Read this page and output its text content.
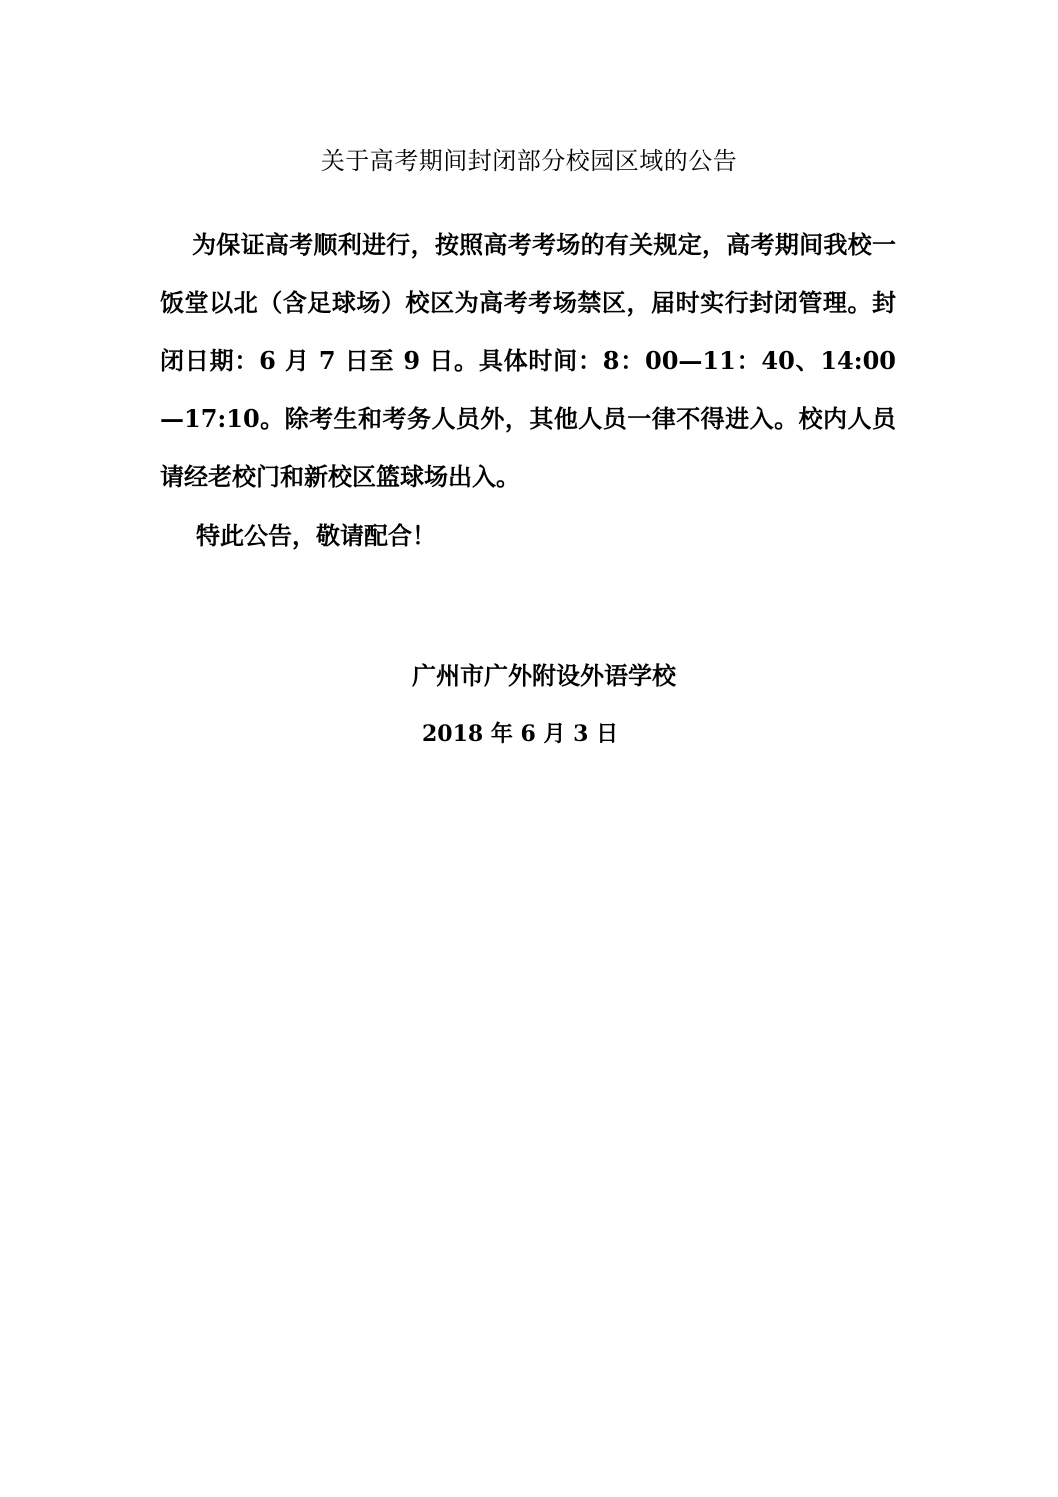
关于高考期间封闭部分校园区域的公告
为保证高考顺利进行，按照高考考场的有关规定，高考期间我校一饭堂以北（含足球场）校区为高考考场禁区，届时实行封闭管理。封闭日期：6 月 7 日至 9 日。具体时间：8：00—11：40、14:00—17:10。除考生和考务人员外，其他人员一律不得进入。校内人员请经老校门和新校区篮球场出入。
特此公告，敬请配合！
广州市广外附设外语学校
2018 年 6 月 3 日
